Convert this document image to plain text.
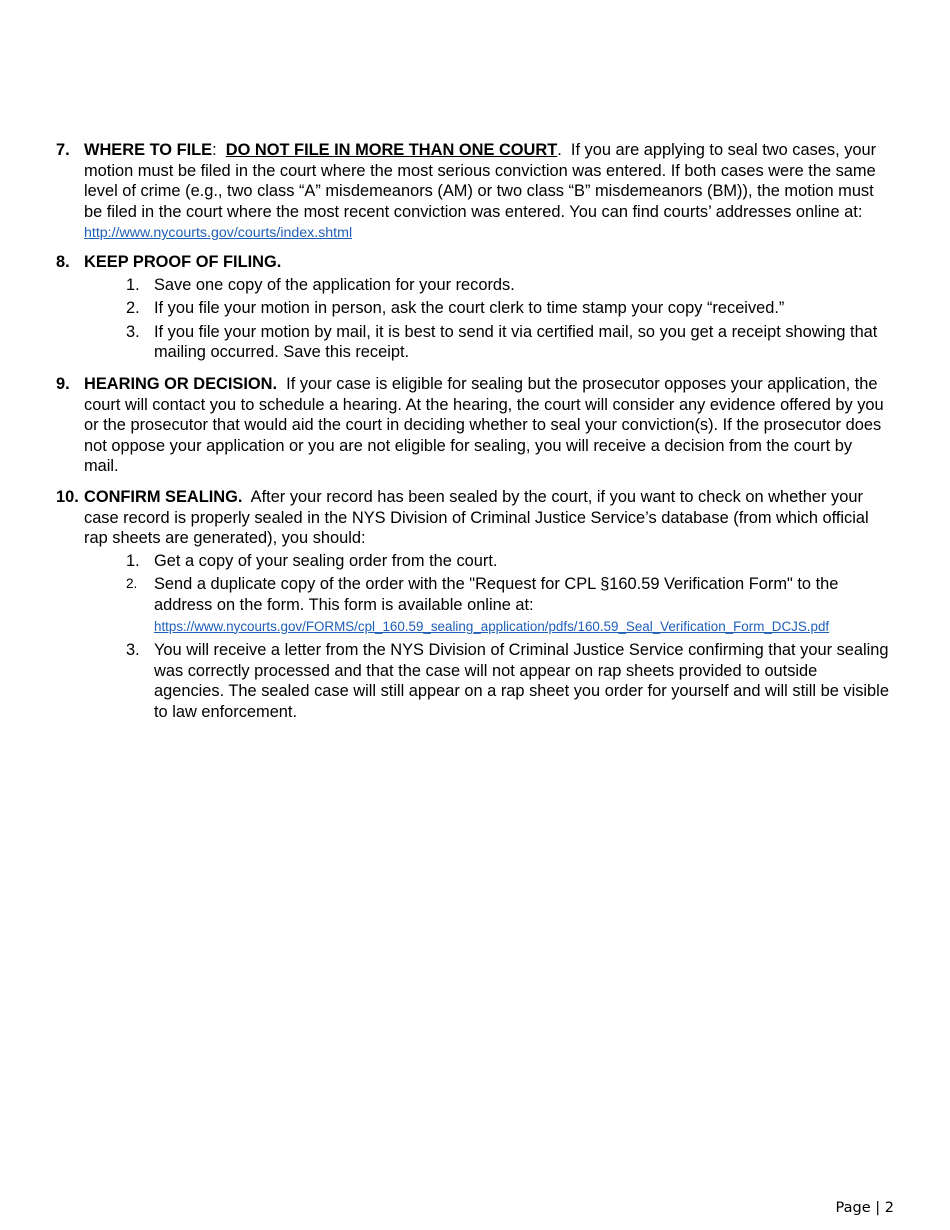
7. WHERE TO FILE: DO NOT FILE IN MORE THAN ONE COURT. If you are applying to seal two cases, your motion must be filed in the court where the most serious conviction was entered. If both cases were the same level of crime (e.g., two class “A” misdemeanors (AM) or two class “B” misdemeanors (BM)), the motion must be filed in the court where the most recent conviction was entered. You can find courts’ addresses online at: http://www.nycourts.gov/courts/index.shtml
8. KEEP PROOF OF FILING.
1. Save one copy of the application for your records.
2. If you file your motion in person, ask the court clerk to time stamp your copy “received.”
3. If you file your motion by mail, it is best to send it via certified mail, so you get a receipt showing that mailing occurred. Save this receipt.
9. HEARING OR DECISION. If your case is eligible for sealing but the prosecutor opposes your application, the court will contact you to schedule a hearing. At the hearing, the court will consider any evidence offered by you or the prosecutor that would aid the court in deciding whether to seal your conviction(s). If the prosecutor does not oppose your application or you are not eligible for sealing, you will receive a decision from the court by mail.
10. CONFIRM SEALING. After your record has been sealed by the court, if you want to check on whether your case record is properly sealed in the NYS Division of Criminal Justice Service’s database (from which official rap sheets are generated), you should:
1. Get a copy of your sealing order from the court.
2. Send a duplicate copy of the order with the "Request for CPL §160.59 Verification Form" to the address on the form. This form is available online at:
https://www.nycourts.gov/FORMS/cpl_160.59_sealing_application/pdfs/160.59_Seal_Verification_Form_DCJS.pdf
3. You will receive a letter from the NYS Division of Criminal Justice Service confirming that your sealing was correctly processed and that the case will not appear on rap sheets provided to outside agencies. The sealed case will still appear on a rap sheet you order for yourself and will still be visible to law enforcement.
Page | 2
